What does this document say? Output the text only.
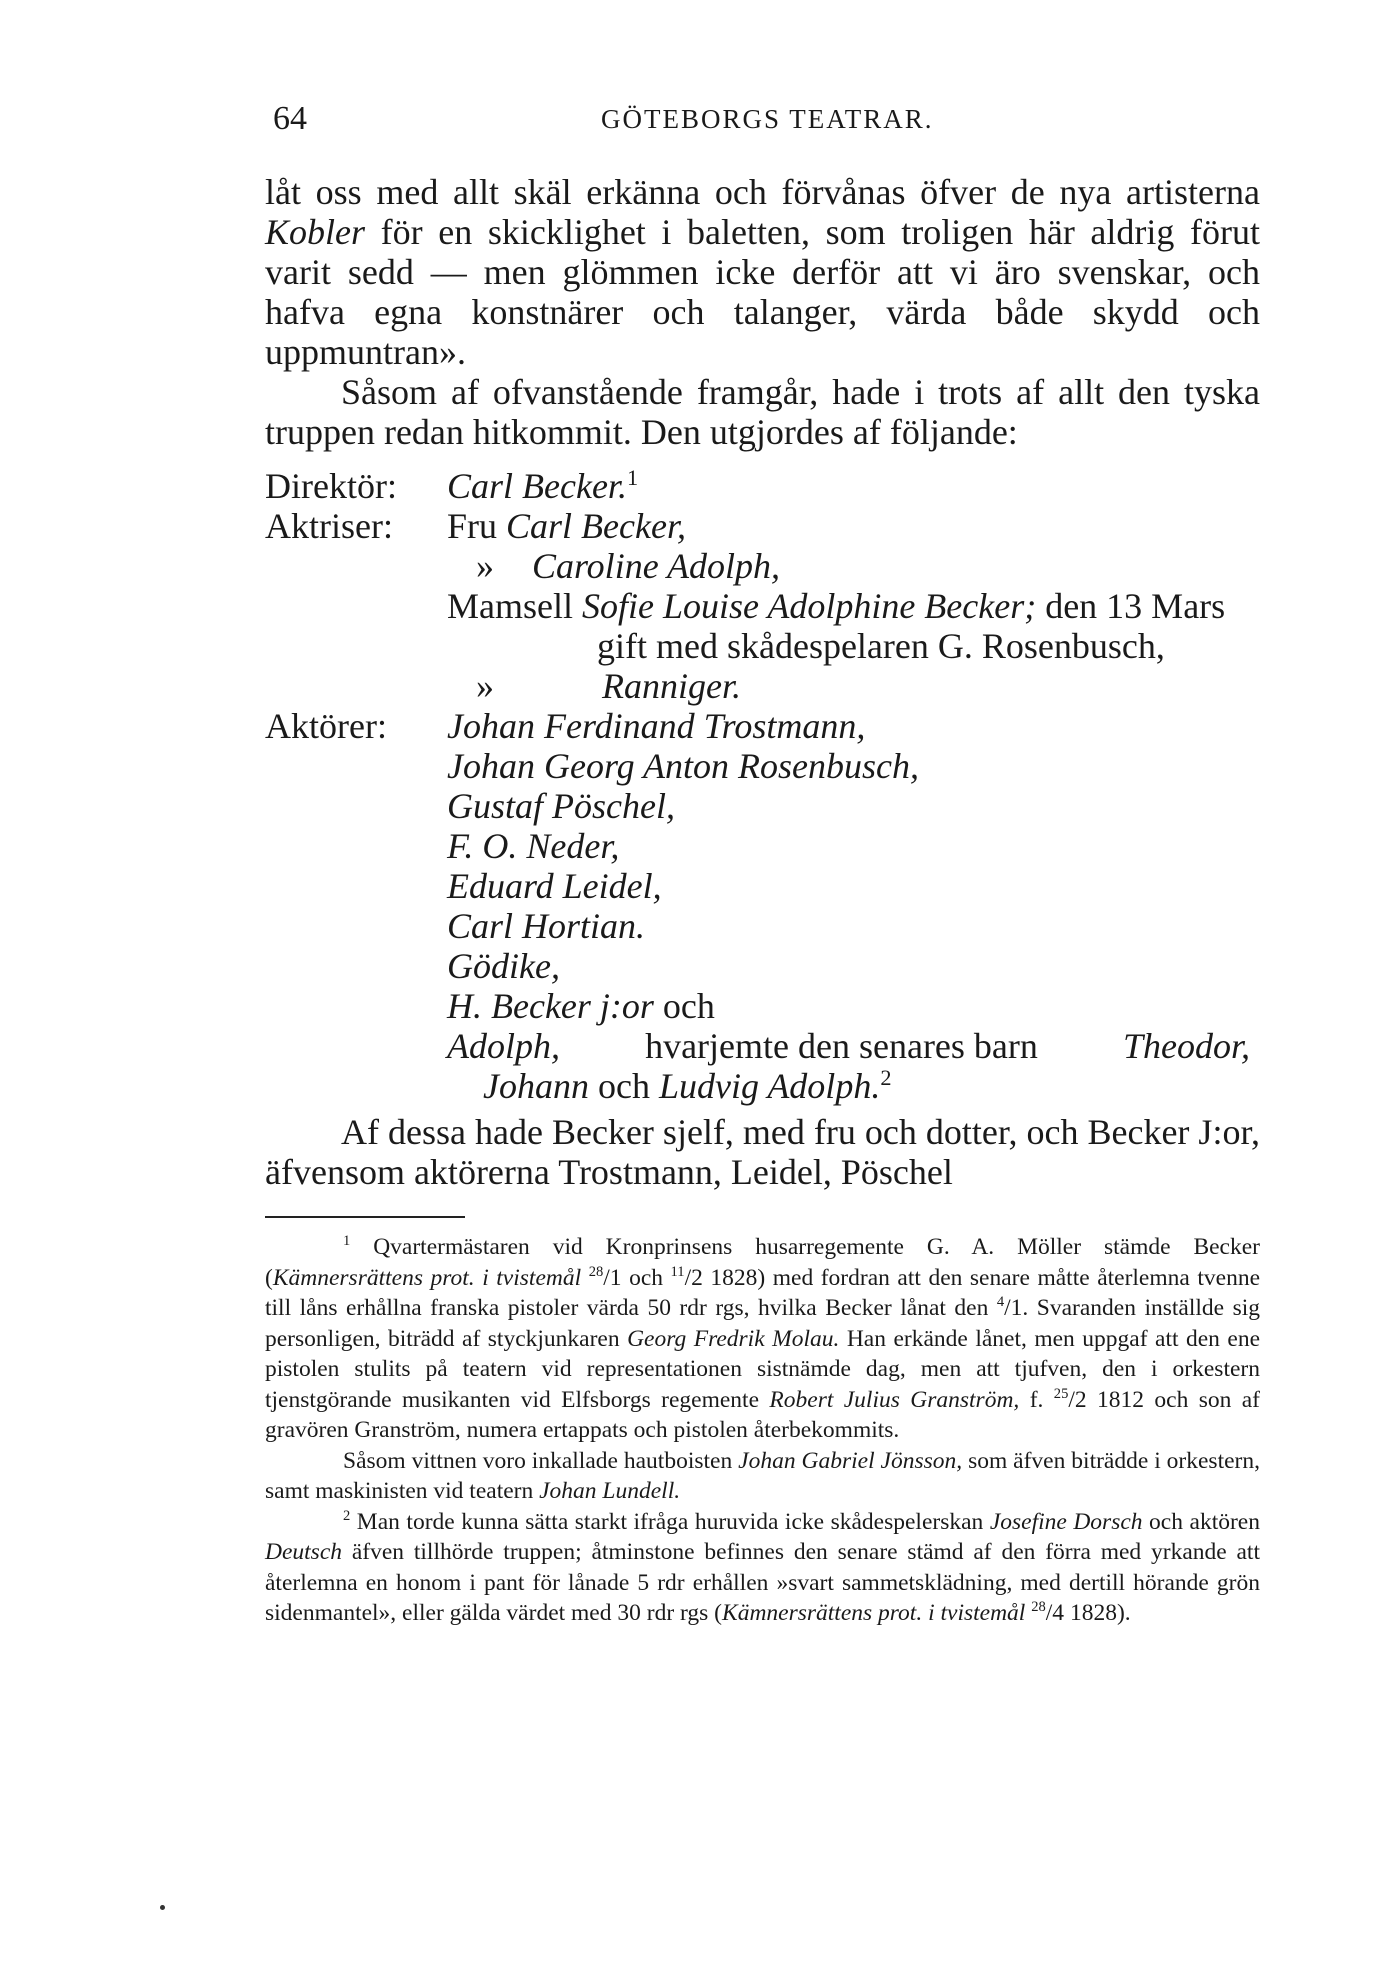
64	GÖTEBORGS TEATRAR.

låt oss med allt skäl erkänna och förvånas öfver de nya artisterna Kobler för en skicklighet i baletten, som troligen här aldrig förut varit sedd — men glömmen icke derför att vi äro svenskar, och hafva egna konstnärer och talanger, värda både skydd och uppmuntran».

Såsom af ofvanstående framgår, hade i trots af allt den tyska truppen redan hitkommit. Den utgjordes af följande:

Direktör:	Carl Becker.$^1$
Aktriser:	Fru Carl Becker,
» Caroline Adolph,
Mamsell Sofie Louise Adolphine Becker; den 13 Mars
gift med skådespelaren G. Rosenbusch,
»	Ranniger.
Aktörer:	Johan Ferdinand Trostmann,
Johan Georg Anton Rosenbusch,
Gustaf Pöschel,
F. O. Neder,
Eduard Leidel,
Carl Hortian.
Gödike,
H. Becker j:or och
Adolph, hvarjemte den senares barn Theodor,
Johann och Ludvig Adolph.$^2$

Af dessa hade Becker sjelf, med fru och dotter, och Becker J:or, äfvensom aktörerna Trostmann, Leidel, Pöschel

$^1$ Qvartermästaren vid Kronprinsens husarregemente G. A. Möller stämde Becker (Kämnersrättens prot. i tvistemål $^{28}$/1 och $^{11}$/2 1828) med fordran att den senare måtte återlemna tvenne till låns erhållna franska pistoler värda 50 rdr rgs, hvilka Becker lånat den $^4$/1. Svaranden inställde sig personligen, biträdd af styckjunkaren Georg Fredrik Molau. Han erkände lånet, men uppgaf att den ene pistolen stulits på teatern vid representationen sistnämde dag, men att tjufven, den i orkestern tjenstgörande musikanten vid Elfsborgs regemente Robert Julius Granström, f. $^{25}$/2 1812 och son af gravören Granström, numera ertappats och pistolen återbekommits.

Såsom vittnen voro inkallade hautboisten Johan Gabriel Jönsson, som äfven biträdde i orkestern, samt maskinisten vid teatern Johan Lundell.

$^2$ Man torde kunna sätta starkt ifråga huruvida icke skådespelerskan Josefine Dorsch och aktören Deutsch äfven tillhörde truppen; åtminstone befinnes den senare stämd af den förra med yrkande att återlemna en honom i pant för lånade 5 rdr erhållen »svart sammetsklädning, med dertill hörande grön sidenmantel», eller gälda värdet med 30 rdr rgs (Kämnersrättens prot. i tvistemål $^{28}$/4 1828).
